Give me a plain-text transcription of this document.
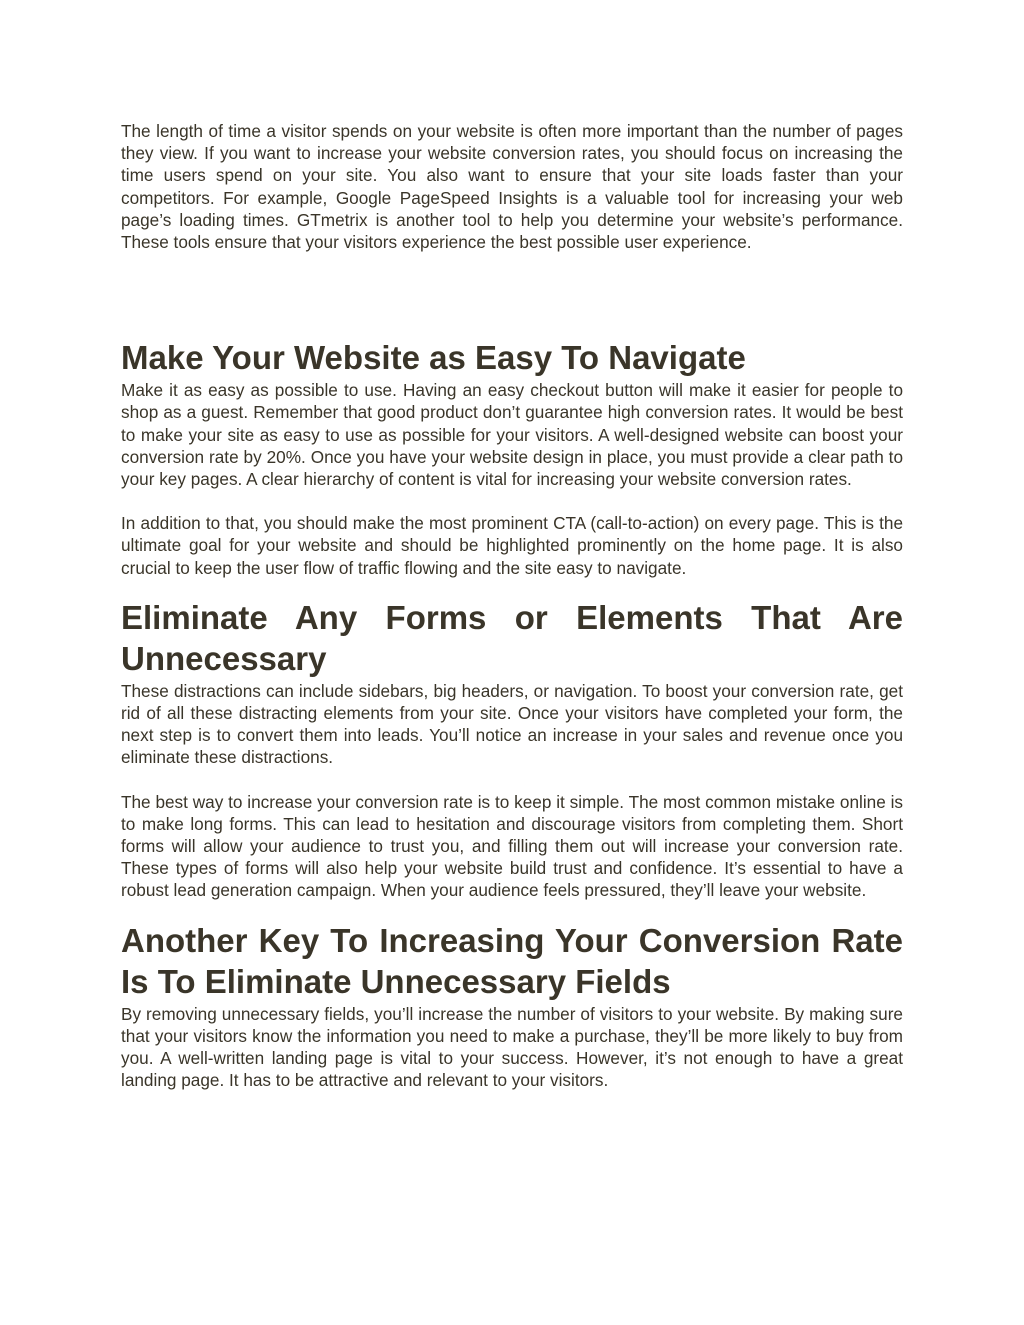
The length of time a visitor spends on your website is often more important than the number of pages they view. If you want to increase your website conversion rates, you should focus on increasing the time users spend on your site. You also want to ensure that your site loads faster than your competitors. For example, Google PageSpeed Insights is a valuable tool for increasing your web page’s loading times. GTmetrix is another tool to help you determine your website’s performance. These tools ensure that your visitors experience the best possible user experience.

Make Your Website as Easy To Navigate

Make it as easy as possible to use. Having an easy checkout button will make it easier for people to shop as a guest. Remember that good product don’t guarantee high conversion rates. It would be best to make your site as easy to use as possible for your visitors. A well-designed website can boost your conversion rate by 20%. Once you have your website design in place, you must provide a clear path to your key pages. A clear hierarchy of content is vital for increasing your website conversion rates.

In addition to that, you should make the most prominent CTA (call-to-action) on every page. This is the ultimate goal for your website and should be highlighted prominently on the home page. It is also crucial to keep the user flow of traffic flowing and the site easy to navigate.

Eliminate Any Forms or Elements That Are Unnecessary

These distractions can include sidebars, big headers, or navigation. To boost your conversion rate, get rid of all these distracting elements from your site. Once your visitors have completed your form, the next step is to convert them into leads. You’ll notice an increase in your sales and revenue once you eliminate these distractions.

The best way to increase your conversion rate is to keep it simple. The most common mistake online is to make long forms. This can lead to hesitation and discourage visitors from completing them. Short forms will allow your audience to trust you, and filling them out will increase your conversion rate. These types of forms will also help your website build trust and confidence. It’s essential to have a robust lead generation campaign. When your audience feels pressured, they’ll leave your website.

Another Key To Increasing Your Conversion Rate Is To Eliminate Unnecessary Fields

By removing unnecessary fields, you’ll increase the number of visitors to your website. By making sure that your visitors know the information you need to make a purchase, they’ll be more likely to buy from you. A well-written landing page is vital to your success. However, it’s not enough to have a great landing page. It has to be attractive and relevant to your visitors.
